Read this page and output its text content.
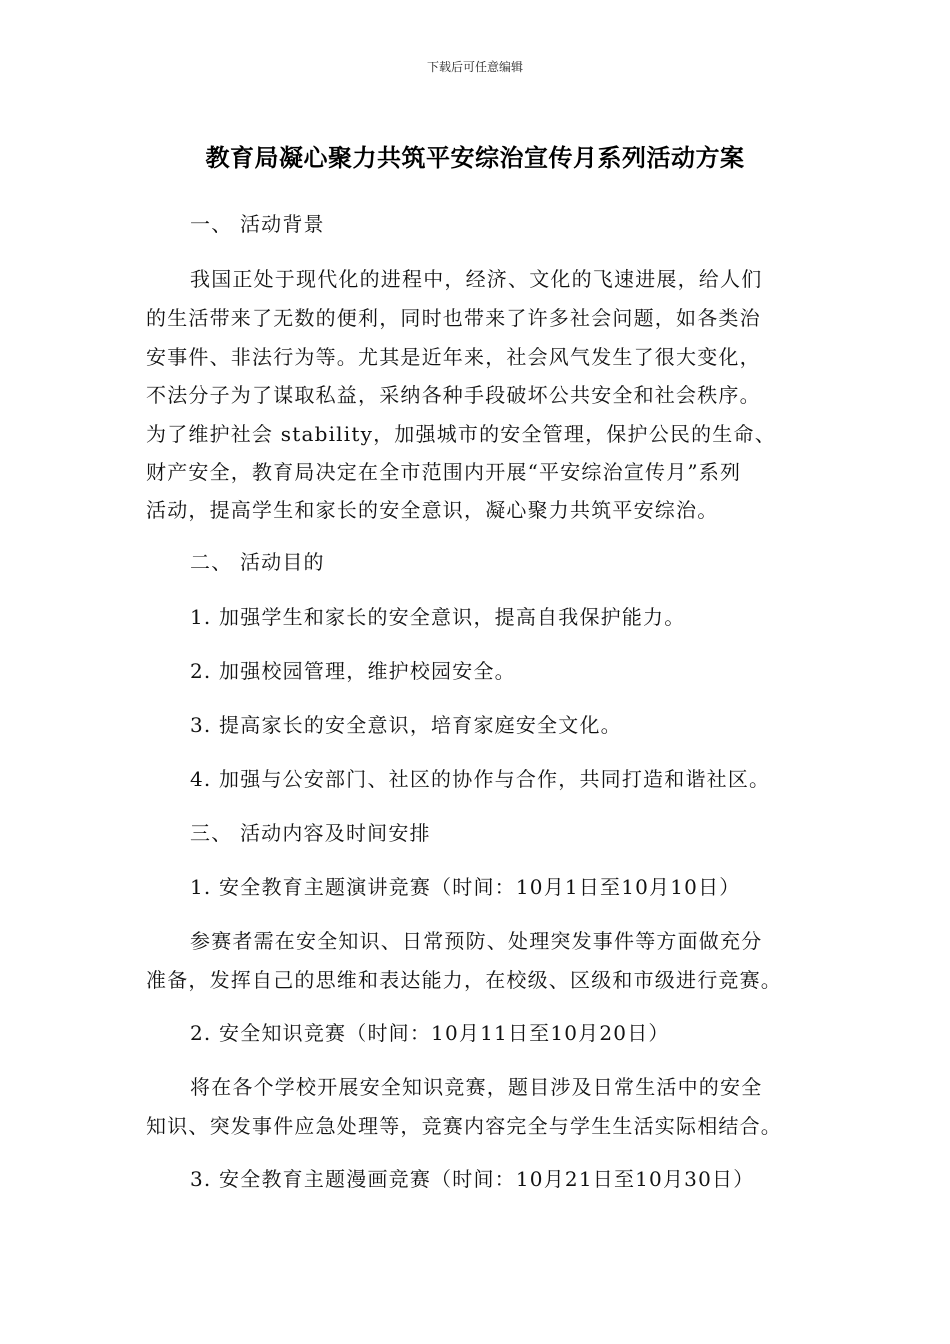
下载后可任意编辑
教育局凝心聚力共筑平安综治宣传月系列活动方案
一、 活动背景
我国正处于现代化的进程中，经济、文化的飞速进展，给人们
的生活带来了无数的便利，同时也带来了许多社会问题，如各类治
安事件、非法行为等。尤其是近年来，社会风气发生了很大变化，
不法分子为了谋取私益，采纳各种手段破坏公共安全和社会秩序。
为了维护社会 stability，加强城市的安全管理，保护公民的生命、
财产安全，教育局决定在全市范围内开展“平安综治宣传月”系列
活动，提高学生和家长的安全意识，凝心聚力共筑平安综治。
二、 活动目的
1. 加强学生和家长的安全意识，提高自我保护能力。
2. 加强校园管理，维护校园安全。
3. 提高家长的安全意识，培育家庭安全文化。
4. 加强与公安部门、社区的协作与合作，共同打造和谐社区。
三、 活动内容及时间安排
1. 安全教育主题演讲竞赛（时间：10月1日至10月10日）
参赛者需在安全知识、日常预防、处理突发事件等方面做充分
准备，发挥自己的思维和表达能力，在校级、区级和市级进行竞赛。
2. 安全知识竞赛（时间：10月11日至10月20日）
将在各个学校开展安全知识竞赛，题目涉及日常生活中的安全
知识、突发事件应急处理等，竞赛内容完全与学生生活实际相结合。
3. 安全教育主题漫画竞赛（时间：10月21日至10月30日）
